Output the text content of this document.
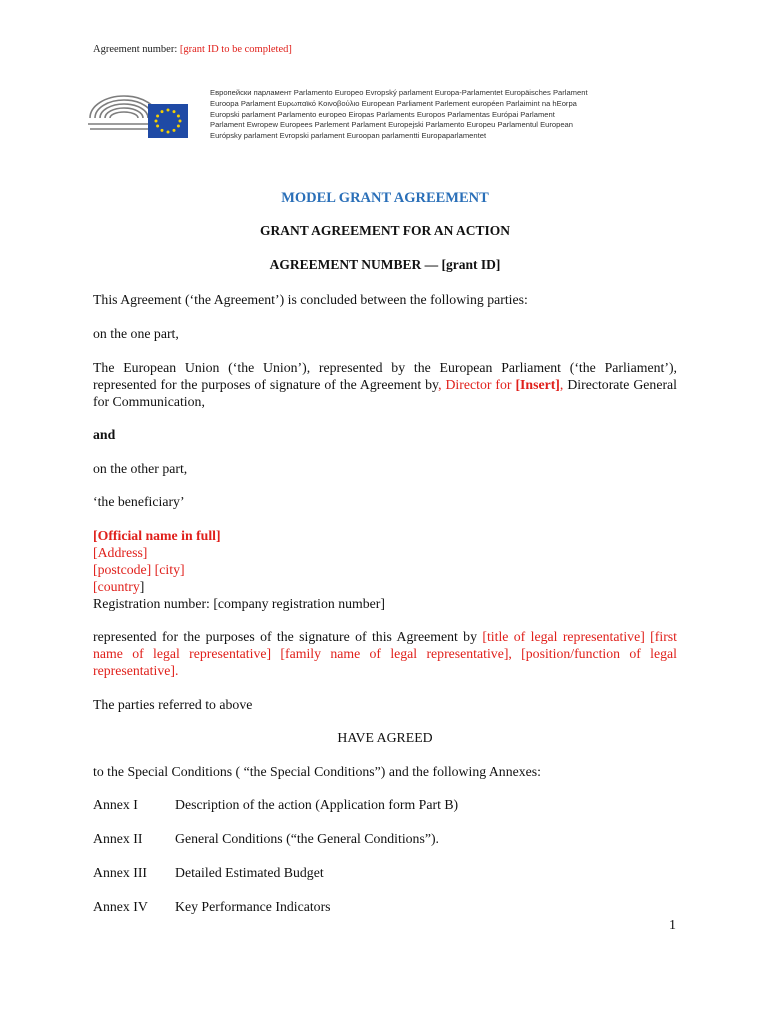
Agreement number: [grant ID to be completed]
Европейски парламент Parlamento Europeo Evropský parlament Europa-Parlamentet Europäisches Parlament
Euroopa Parlament Ευρωπαϊκό Κοινοβούλιο European Parliament Parlement européen Parlaimint na hEorpa
Europski parlament Parlamento europeo Eiropas Parlaments Europos Parlamentas Európai Parlament
Parlament Ewropew Europees Parlement Parlament Europejski Parlamento Europeu Parlamentul European
Európsky parlament Evropski parlament Euroopan parlamentti Europaparlamentet
MODEL GRANT AGREEMENT
GRANT AGREEMENT FOR AN ACTION
AGREEMENT NUMBER — [grant ID]
This Agreement (‘the Agreement’) is concluded between the following parties:
on the one part,
The European Union (‘the Union’), represented by the European Parliament (‘the Parliament’), represented for the purposes of signature of the Agreement by, Director for [Insert], Directorate General for Communication,
and
on the other part,
‘the beneficiary’
[Official name in full]
[Address]
[postcode] [city]
[country]
Registration number: [company registration number]
represented for the purposes of the signature of this Agreement by [title of legal representative] [first name of legal representative] [family name of legal representative], [position/function of legal representative].
The parties referred to above
HAVE AGREED
to the Special Conditions ( “the Special Conditions”) and the following Annexes:
Annex I	Description of the action (Application form Part B)
Annex II General Conditions (“the General Conditions”).
Annex III Detailed Estimated Budget
Annex IV Key Performance Indicators
1
